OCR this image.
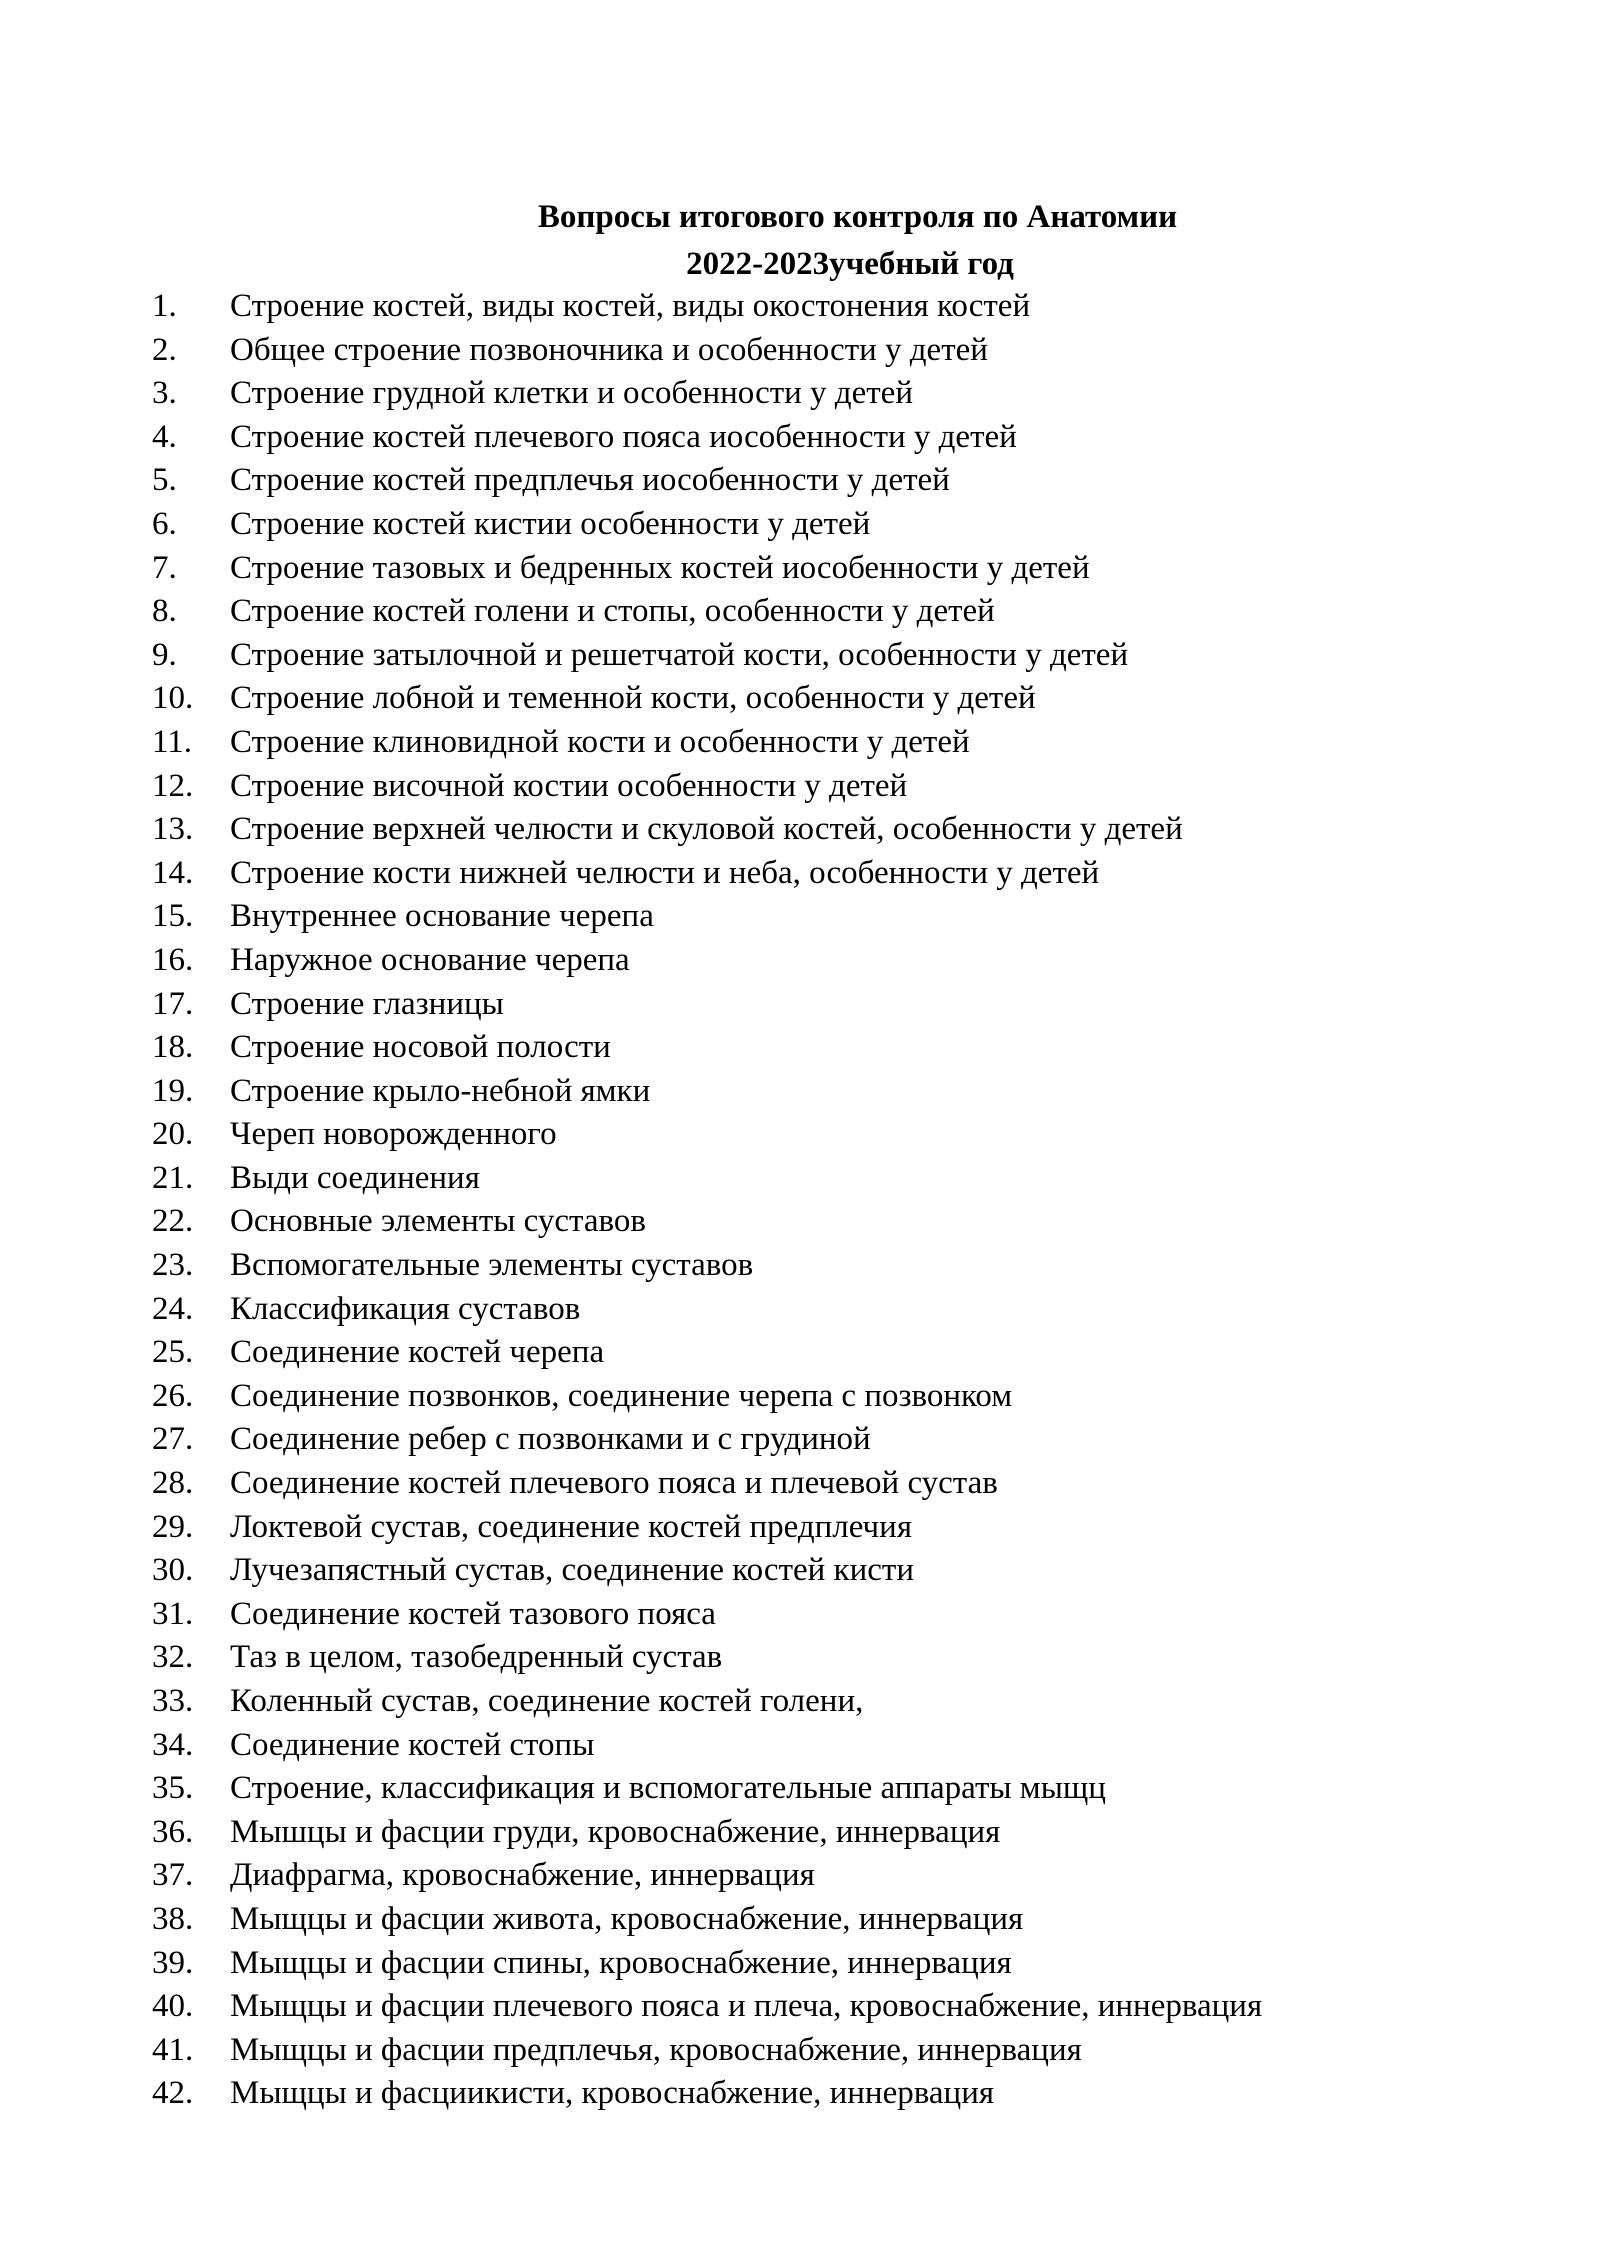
Вопросы итогового контроля по Анатомии
2022-2023учебный год
1.	Строение костей, виды костей, виды окостонения костей
2.	Общее строение позвоночника и особенности у детей
3.	Строение грудной клетки и особенности у детей
4.	Строение костей плечевого пояса иособенности у детей
5.	Строение костей предплечья иособенности у детей
6.	Строение костей кистии особенности у детей
7.	Строение тазовых и бедренных костей иособенности у детей
8.	Строение костей голени и стопы, особенности у детей
9.	Строение затылочной и решетчатой кости, особенности у детей
10.	Строение лобной и теменной кости, особенности у детей
11.	Строение клиновидной кости и особенности у детей
12.	Строение височной костии особенности у детей
13.	Строение верхней челюсти и скуловой костей, особенности у детей
14.	Строение кости нижней челюсти и неба, особенности у детей
15.	Внутреннее основание черепа
16.	Наружное основание черепа
17.	Строение глазницы
18.	Строение носовой полости
19.	Строение крыло-небной ямки
20.	Череп новорожденного
21.	Выди соединения
22.	Основные элементы суставов
23.	Вспомогательные элементы суставов
24.	Классификация суставов
25.	Соединение костей черепа
26.	Соединение позвонков, соединение черепа с позвонком
27.	Соединение ребер с позвонками и с грудиной
28.	Соединение костей плечевого пояса и плечевой сустав
29.	Локтевой сустав, соединение костей предплечия
30.	Лучезапястный сустав, соединение костей кисти
31.	Соединение костей тазового пояса
32.	Таз в целом, тазобедренный сустав
33.	Коленный сустав, соединение костей голени,
34.	Соединение костей стопы
35.	Строение, классификация и вспомогательные аппараты мыщц
36.	Мышцы и фасции груди, кровоснабжение, иннервация
37.	Диафрагма, кровоснабжение, иннервация
38.	Мыщцы и фасции живота, кровоснабжение, иннервация
39.	Мыщцы и фасции спины, кровоснабжение, иннервация
40.	Мыщцы и фасции плечевого пояса и плеча, кровоснабжение, иннервация
41.	Мыщцы и фасции предплечья, кровоснабжение, иннервация
42.	Мыщцы и фасциикисти, кровоснабжение, иннервация
